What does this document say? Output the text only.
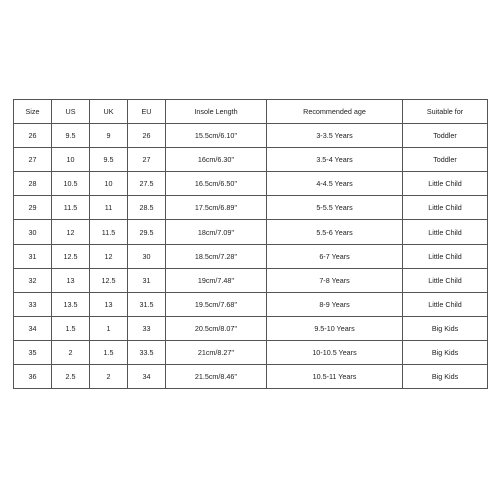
Size	US	UK	EU	Insole Length	Recommended age	Suitable for
26	9.5	9	26	15.5cm/6.10''	3-3.5 Years	Toddler
27	10	9.5	27	16cm/6.30''	3.5-4 Years	Toddler
28	10.5	10	27.5	16.5cm/6.50''	4-4.5 Years	Little Child
29	11.5	11	28.5	17.5cm/6.89''	5-5.5 Years	Little Child
30	12	11.5	29.5	18cm/7.09''	5.5-6 Years	Little Child
31	12.5	12	30	18.5cm/7.28''	6-7 Years	Little Child
32	13	12.5	31	19cm/7.48''	7-8 Years	Little Child
33	13.5	13	31.5	19.5cm/7.68''	8-9 Years	Little Child
34	1.5	1	33	20.5cm/8.07''	9.5-10 Years	Big Kids
35	2	1.5	33.5	21cm/8.27''	10-10.5 Years	Big Kids
36	2.5	2	34	21.5cm/8.46''	10.5-11 Years	Big Kids
